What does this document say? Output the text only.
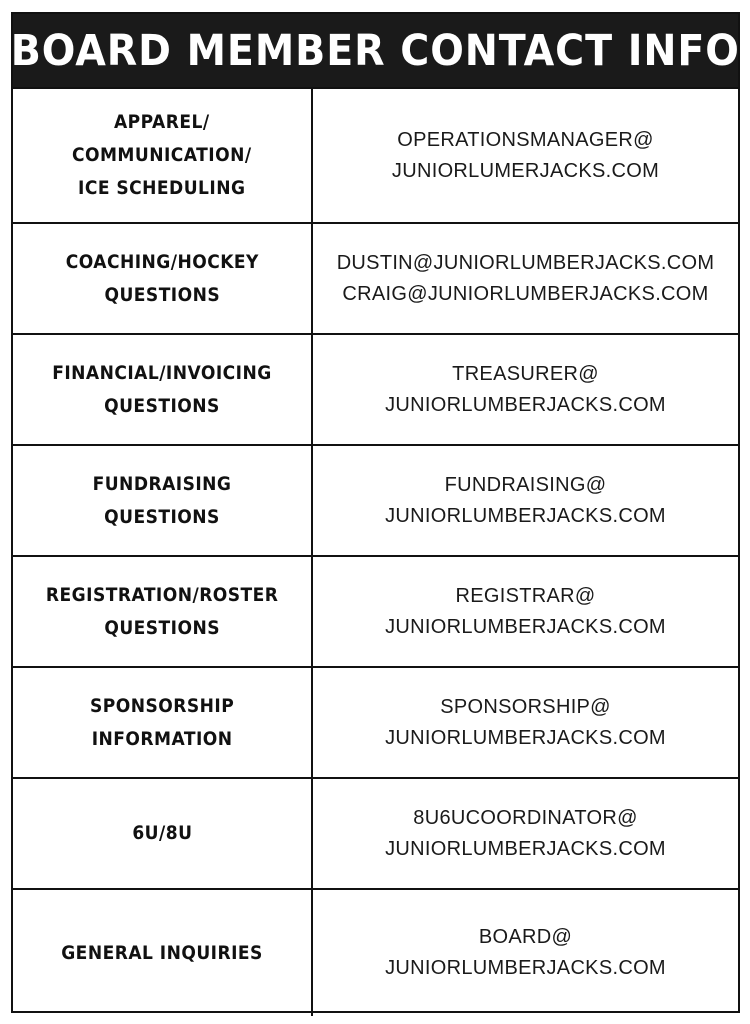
BOARD MEMBER CONTACT INFO
APPAREL/
COMMUNICATION/
ICE SCHEDULING
OPERATIONSMANAGER@
JUNIORLUMERJACKS.COM
COACHING/HOCKEY
QUESTIONS
DUSTIN@JUNIORLUMBERJACKS.COM
CRAIG@JUNIORLUMBERJACKS.COM
FINANCIAL/INVOICING
QUESTIONS
TREASURER@
JUNIORLUMBERJACKS.COM
FUNDRAISING QUESTIONS
FUNDRAISING@
JUNIORLUMBERJACKS.COM
REGISTRATION/ROSTER
QUESTIONS
REGISTRAR@
JUNIORLUMBERJACKS.COM
SPONSORSHIP
INFORMATION
SPONSORSHIP@
JUNIORLUMBERJACKS.COM
6U/8U
8U6UCOORDINATOR@
JUNIORLUMBERJACKS.COM
GENERAL INQUIRIES
BOARD@
JUNIORLUMBERJACKS.COM
